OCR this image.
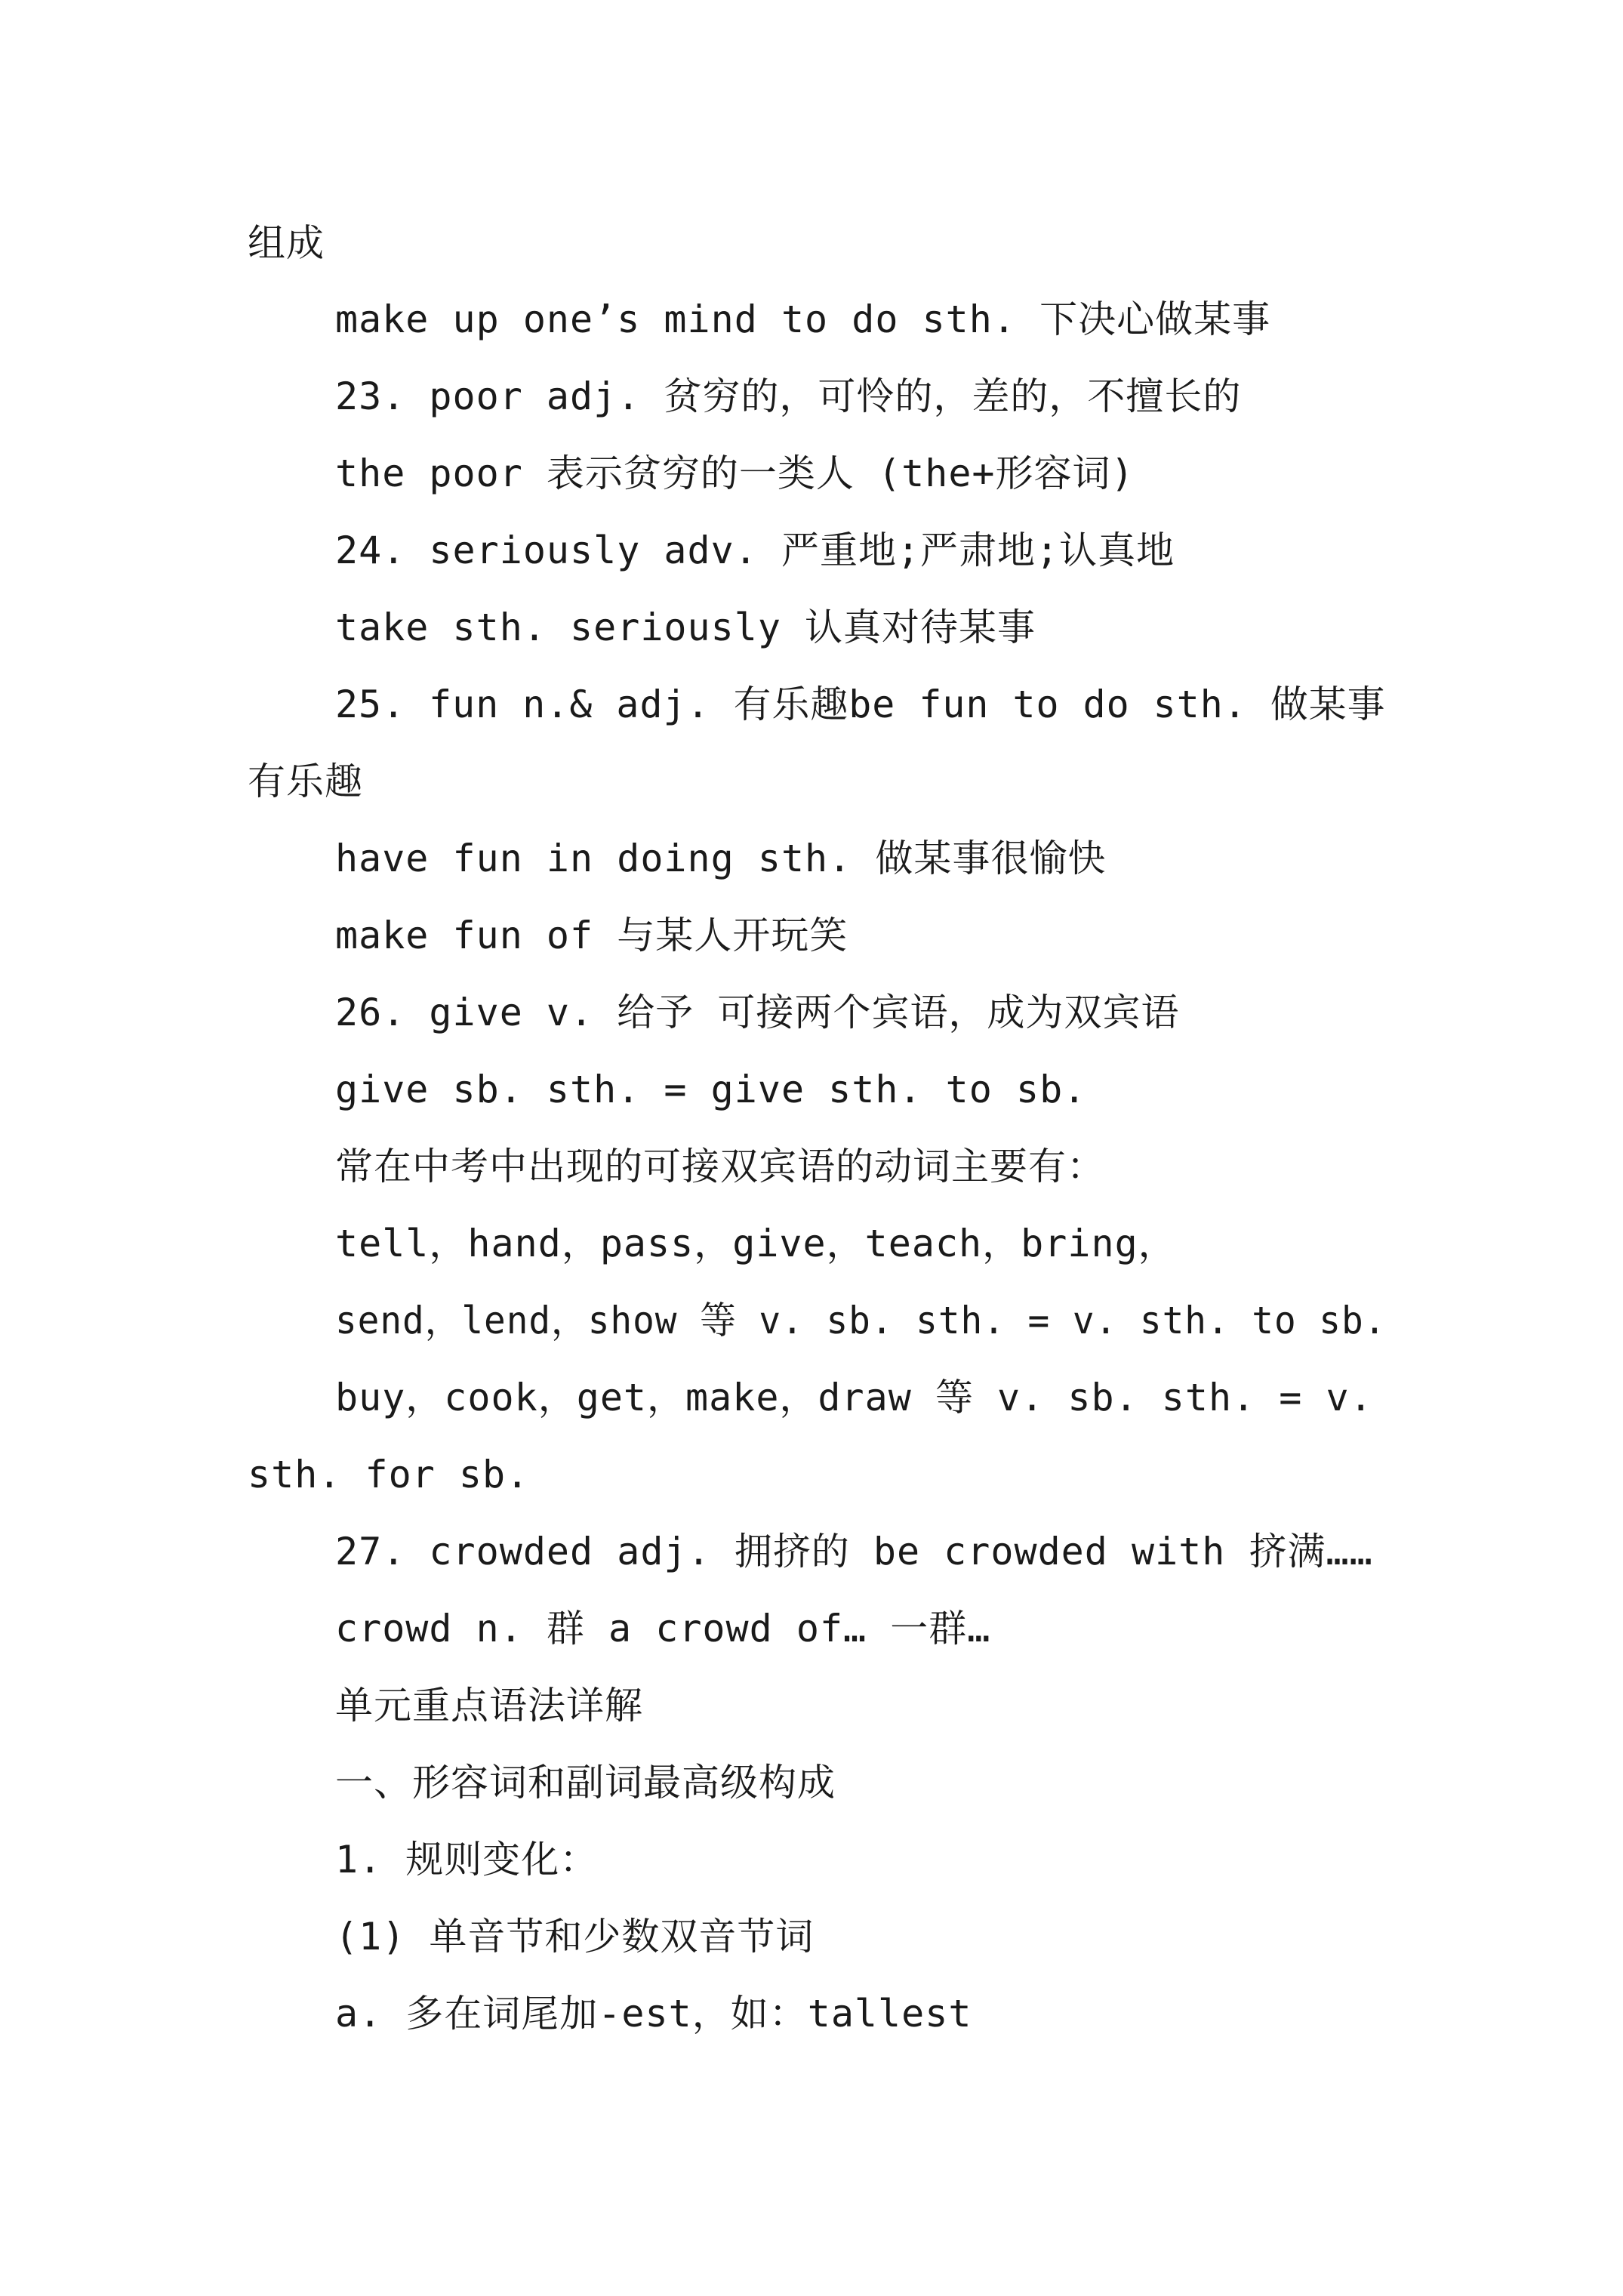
组成
make up one’s mind to do sth. 下决心做某事
23. poor adj. 贫穷的，可怜的，差的，不擅长的
the poor 表示贫穷的一类人 (the+形容词)
24. seriously adv. 严重地;严肃地;认真地
take sth. seriously 认真对待某事
25. fun n.& adj. 有乐趣be fun to do sth. 做某事
有乐趣
have fun in doing sth. 做某事很愉快
make fun of 与某人开玩笑
26. give v. 给予 可接两个宾语，成为双宾语
give sb. sth. = give sth. to sb.
常在中考中出现的可接双宾语的动词主要有：
tell，hand，pass，give，teach，bring，
send，lend，show 等 v. sb. sth. = v. sth. to sb.
buy，cook，get，make，draw 等 v. sb. sth. = v.
sth. for sb.
27. crowded adj. 拥挤的 be crowded with 挤满……
crowd n. 群 a crowd of… 一群…
单元重点语法详解
一、形容词和副词最高级构成
1. 规则变化：
(1) 单音节和少数双音节词
a. 多在词尾加-est，如：tallest
